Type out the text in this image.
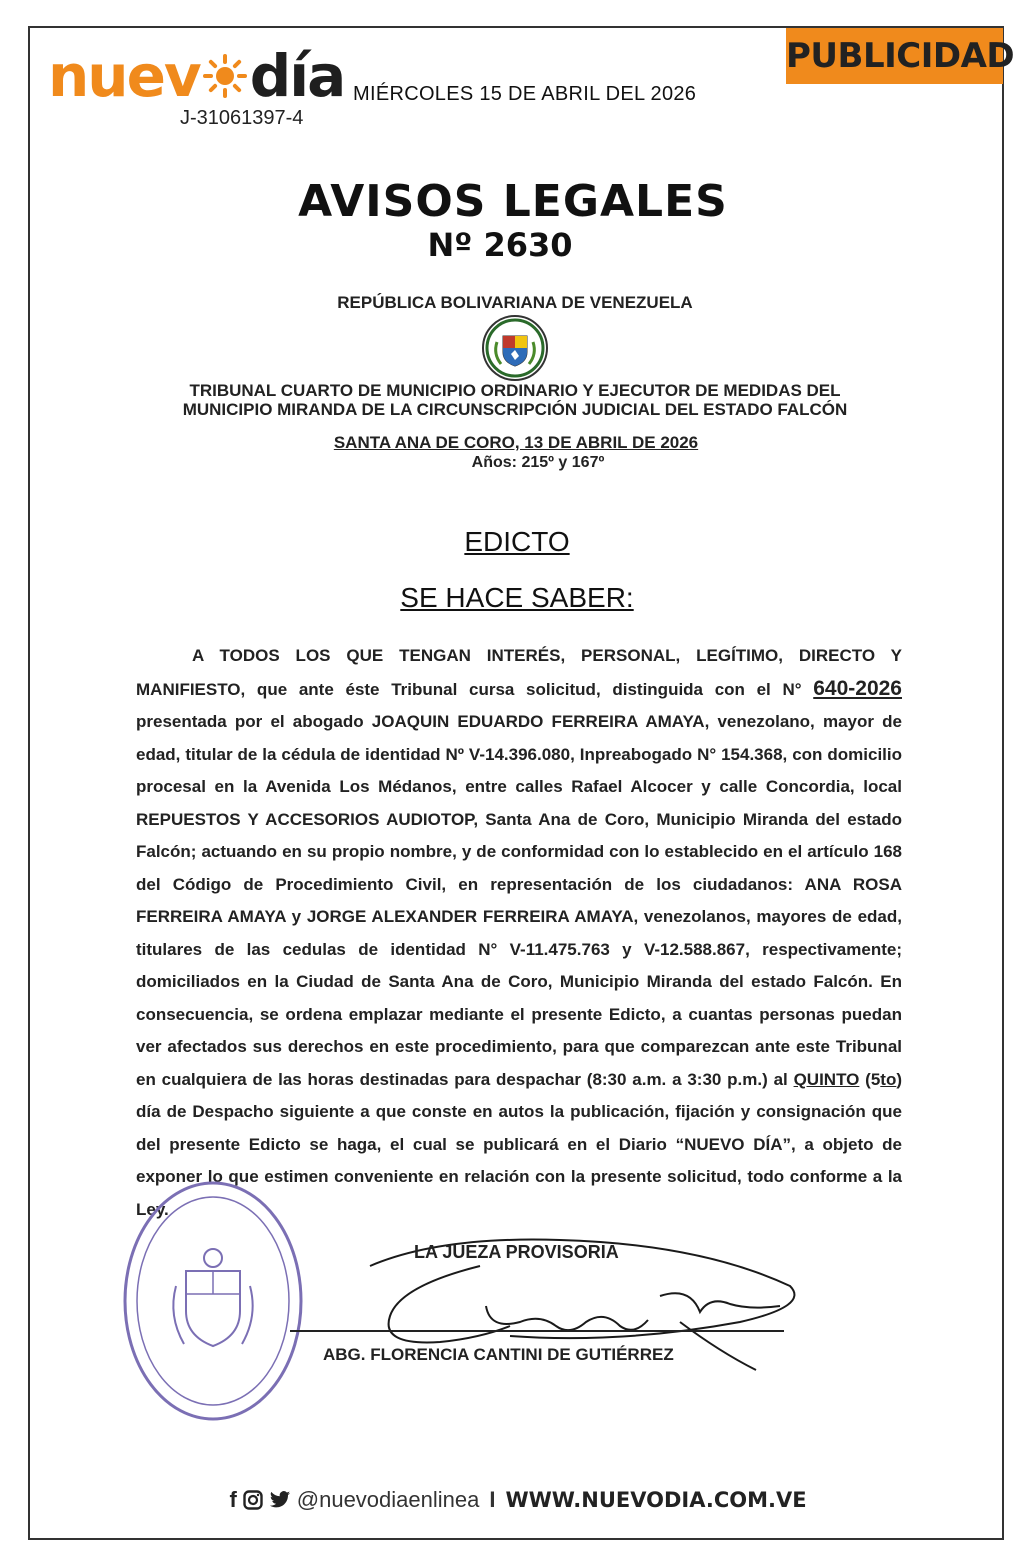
nuev día
J-31061397-4
MIÉRCOLES 15 DE ABRIL DEL 2026
PUBLICIDAD
AVISOS LEGALES
Nº 2630
REPÚBLICA BOLIVARIANA DE VENEZUELA
TRIBUNAL CUARTO DE MUNICIPIO ORDINARIO Y EJECUTOR DE MEDIDAS DEL
MUNICIPIO MIRANDA DE LA CIRCUNSCRIPCIÓN JUDICIAL DEL ESTADO FALCÓN
SANTA ANA DE CORO, 13 DE ABRIL DE 2026
Años: 215º y 167º
EDICTO
SE HACE SABER:
A TODOS LOS QUE TENGAN INTERÉS, PERSONAL, LEGÍTIMO, DIRECTO Y MANIFIESTO, que ante éste Tribunal cursa solicitud, distinguida con el N° 640-2026 presentada por el abogado JOAQUIN EDUARDO FERREIRA AMAYA, venezolano, mayor de edad, titular de la cédula de identidad Nº V-14.396.080, Inpreabogado N° 154.368, con domicilio procesal en la Avenida Los Médanos, entre calles Rafael Alcocer y calle Concordia, local REPUESTOS Y ACCESORIOS AUDIOTOP, Santa Ana de Coro, Municipio Miranda del estado Falcón; actuando en su propio nombre, y de conformidad con lo establecido en el artículo 168 del Código de Procedimiento Civil, en representación de los ciudadanos: ANA ROSA FERREIRA AMAYA y JORGE ALEXANDER FERREIRA AMAYA, venezolanos, mayores de edad, titulares de las cedulas de identidad N° V-11.475.763 y V-12.588.867, respectivamente; domiciliados en la Ciudad de Santa Ana de Coro, Municipio Miranda del estado Falcón. En consecuencia, se ordena emplazar mediante el presente Edicto, a cuantas personas puedan ver afectados sus derechos en este procedimiento, para que comparezcan ante este Tribunal en cualquiera de las horas destinadas para despachar (8:30 a.m. a 3:30 p.m.) al QUINTO (5to) día de Despacho siguiente a que conste en autos la publicación, fijación y consignación que del presente Edicto se haga, el cual se publicará en el Diario “NUEVO DÍA”, a objeto de exponer lo que estimen conveniente en relación con la presente solicitud, todo conforme a la Ley.
LA JUEZA PROVISORIA
ABG. FLORENCIA CANTINI DE GUTIÉRREZ
f	@nuevodiaenlinea I WWW.NUEVODIA.COM.VE
